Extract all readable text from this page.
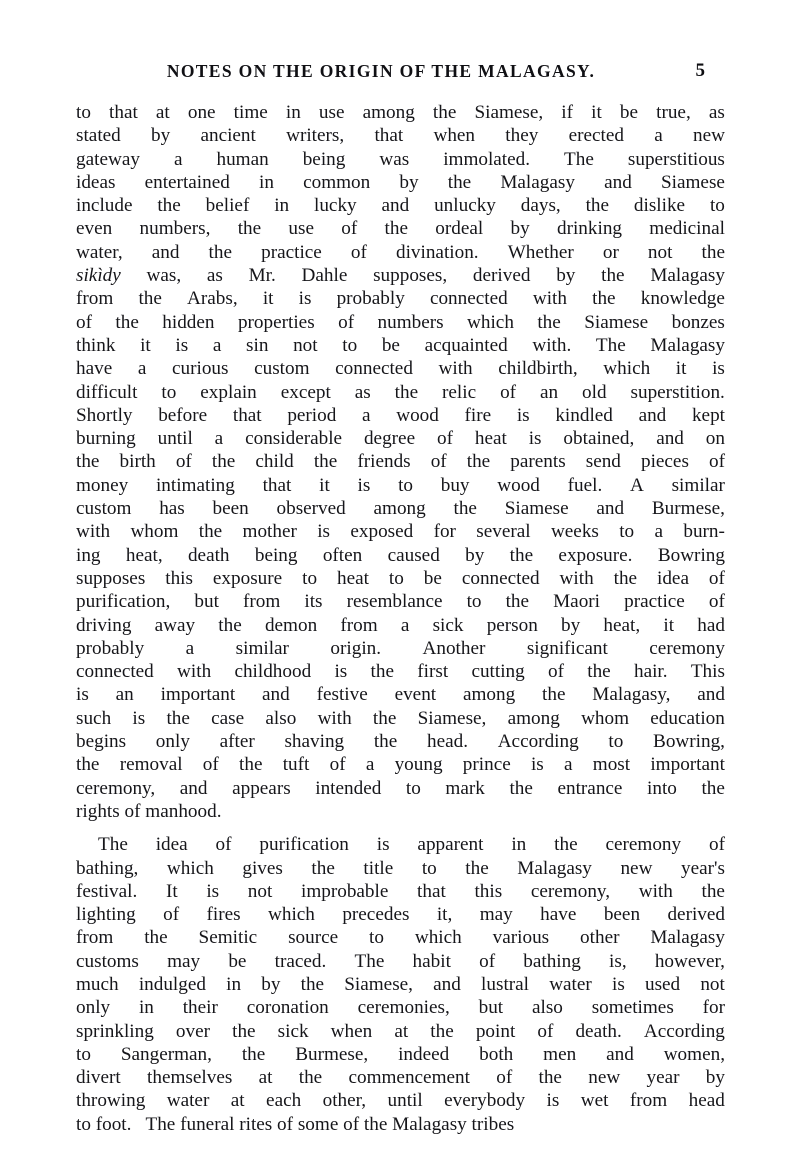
NOTES ON THE ORIGIN OF THE MALAGASY.	5
to that at one time in use among the Siamese, if it be true, as
stated by ancient writers, that when they erected a new
gateway a human being was immolated. The superstitious
ideas entertained in common by the Malagasy and Siamese
include the belief in lucky and unlucky days, the dislike to
even numbers, the use of the ordeal by drinking medicinal
water, and the practice of divination. Whether or not the
sikìdy was, as Mr. Dahle supposes, derived by the Malagasy
from the Arabs, it is probably connected with the knowledge
of the hidden properties of numbers which the Siamese bonzes
think it is a sin not to be acquainted with. The Malagasy
have a curious custom connected with childbirth, which it is
difficult to explain except as the relic of an old superstition.
Shortly before that period a wood fire is kindled and kept
burning until a considerable degree of heat is obtained, and on
the birth of the child the friends of the parents send pieces of
money intimating that it is to buy wood fuel. A similar
custom has been observed among the Siamese and Burmese,
with whom the mother is exposed for several weeks to a burn-
ing heat, death being often caused by the exposure. Bowring
supposes this exposure to heat to be connected with the idea of
purification, but from its resemblance to the Maori practice of
driving away the demon from a sick person by heat, it had
probably a similar origin. Another significant ceremony
connected with childhood is the first cutting of the hair. This
is an important and festive event among the Malagasy, and
such is the case also with the Siamese, among whom education
begins only after shaving the head. According to Bowring,
the removal of the tuft of a young prince is a most important
ceremony, and appears intended to mark the entrance into the
rights of manhood.
The idea of purification is apparent in the ceremony of
bathing, which gives the title to the Malagasy new year's
festival. It is not improbable that this ceremony, with the
lighting of fires which precedes it, may have been derived
from the Semitic source to which various other Malagasy
customs may be traced. The habit of bathing is, however,
much indulged in by the Siamese, and lustral water is used not
only in their coronation ceremonies, but also sometimes for
sprinkling over the sick when at the point of death. According
to Sangerman, the Burmese, indeed both men and women,
divert themselves at the commencement of the new year by
throwing water at each other, until everybody is wet from head
to foot.   The funeral rites of some of the Malagasy tribes
